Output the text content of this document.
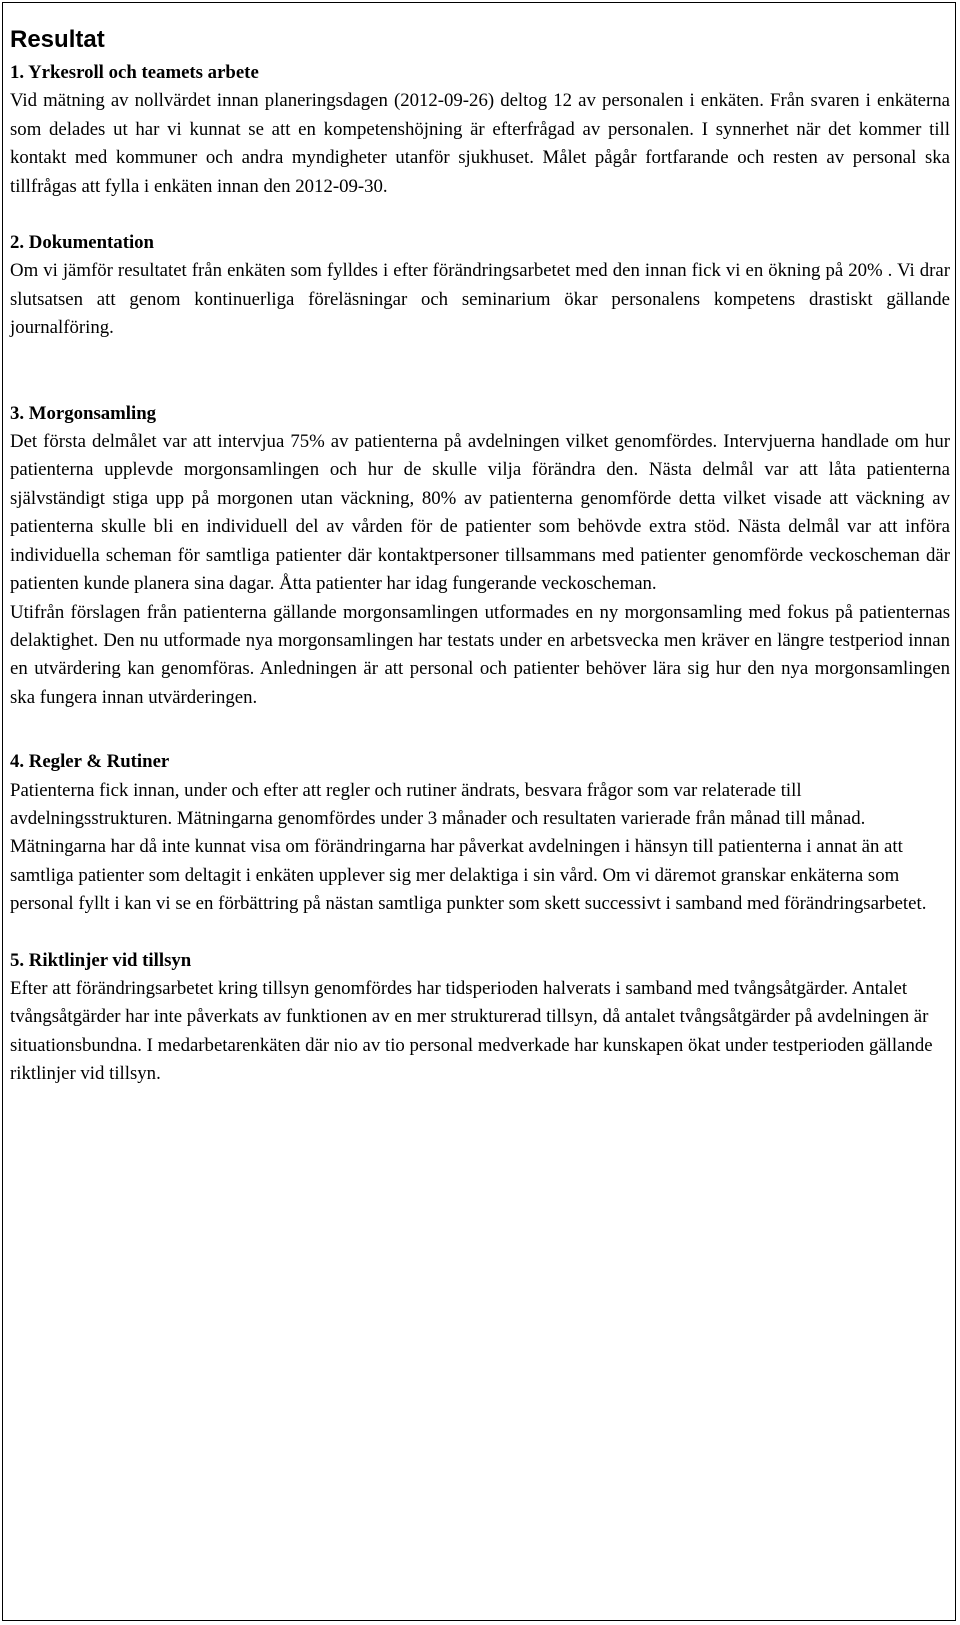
Resultat
1. Yrkesroll och teamets arbete

Vid mätning av nollvärdet innan planeringsdagen (2012-09-26) deltog 12 av personalen i enkäten. Från svaren i enkäterna som delades ut har vi kunnat se att en kompetenshöjning är efterfrågad av personalen. I synnerhet när det kommer till kontakt med kommuner och andra myndigheter utanför sjukhuset. Målet pågår fortfarande och resten av personal ska tillfrågas att fylla i enkäten innan den 2012-09-30.

2. Dokumentation

Om vi jämför resultatet från enkäten som fylldes i efter förändringsarbetet med den innan fick vi en ökning på 20% . Vi drar slutsatsen att genom kontinuerliga föreläsningar och seminarium ökar personalens kompetens drastiskt gällande journalföring.

3. Morgonsamling

Det första delmålet var att intervjua 75% av patienterna på avdelningen vilket genomfördes. Intervjuerna handlade om hur patienterna upplevde morgonsamlingen och hur de skulle vilja förändra den. Nästa delmål var att låta patienterna självständigt stiga upp på morgonen utan väckning, 80% av patienterna genomförde detta vilket visade att väckning av patienterna skulle bli en individuell del av vården för de patienter som behövde extra stöd. Nästa delmål var att införa individuella scheman för samtliga patienter där kontaktpersoner tillsammans med patienter genomförde veckoscheman där patienten kunde planera sina dagar. Åtta patienter har idag fungerande veckoscheman.

Utifrån förslagen från patienterna gällande morgonsamlingen utformades en ny morgonsamling med fokus på patienternas delaktighet. Den nu utformade nya morgonsamlingen har testats under en arbetsvecka men kräver en längre testperiod innan en utvärdering kan genomföras. Anledningen är att personal och patienter behöver lära sig hur den nya morgonsamlingen ska fungera innan utvärderingen.

4. Regler & Rutiner

Patienterna fick innan, under och efter att regler och rutiner ändrats, besvara frågor som var relaterade till avdelningsstrukturen. Mätningarna genomfördes under 3 månader och resultaten varierade från månad till månad. Mätningarna har då inte kunnat visa om förändringarna har påverkat avdelningen i hänsyn till patienterna i annat än att samtliga patienter som deltagit i enkäten upplever sig mer delaktiga i sin vård. Om vi däremot granskar enkäterna som personal fyllt i kan vi se en förbättring på nästan samtliga punkter som skett successivt i samband med förändringsarbetet.

5. Riktlinjer vid tillsyn

Efter att förändringsarbetet kring tillsyn genomfördes har tidsperioden halverats i samband med tvångsåtgärder. Antalet tvångsåtgärder har inte påverkats av funktionen av en mer strukturerad tillsyn, då antalet tvångsåtgärder på avdelningen är situationsbundna. I medarbetarenkäten där nio av tio personal medverkade har kunskapen ökat under testperioden gällande riktlinjer vid tillsyn.
